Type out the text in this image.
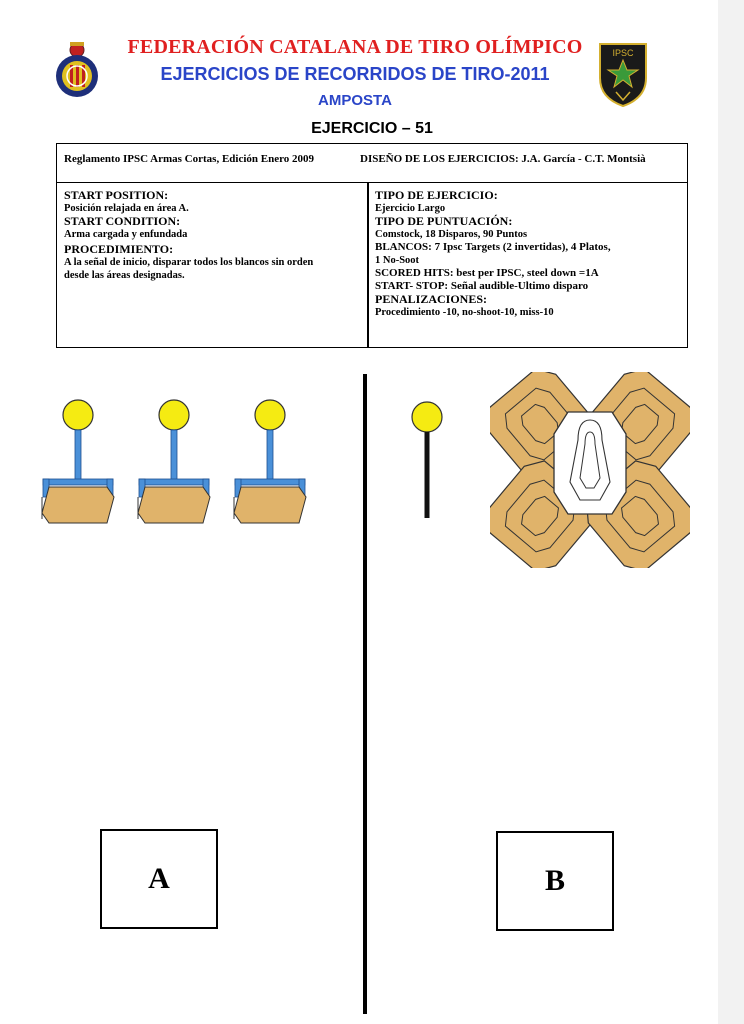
IPSC
FEDERACIÓN CATALANA DE TIRO OLÍMPICO
EJERCICIOS DE RECORRIDOS DE TIRO-2011
AMPOSTA
EJERCICIO – 51
Reglamento IPSC Armas Cortas, Edición Enero 2009	DISEÑO DE LOS EJERCICIOS: J.A. García - C.T. Montsià
START POSITION:
Posición relajada en área A.
START CONDITION:
Arma cargada y enfundada
PROCEDIMIENTO:
A la señal de inicio, disparar todos los blancos sin orden
desde las áreas designadas.
TIPO DE EJERCICIO:
Ejercicio Largo
TIPO DE PUNTUACIÓN:
Comstock, 18 Disparos, 90 Puntos
BLANCOS: 7 Ipsc Targets (2 invertidas), 4 Platos,
1 No-Soot
SCORED HITS: best per IPSC, steel down =1A
START- STOP: Señal audible-Ultimo disparo
PENALIZACIONES:
Procedimiento -10, no-shoot-10, miss-10
A	B
